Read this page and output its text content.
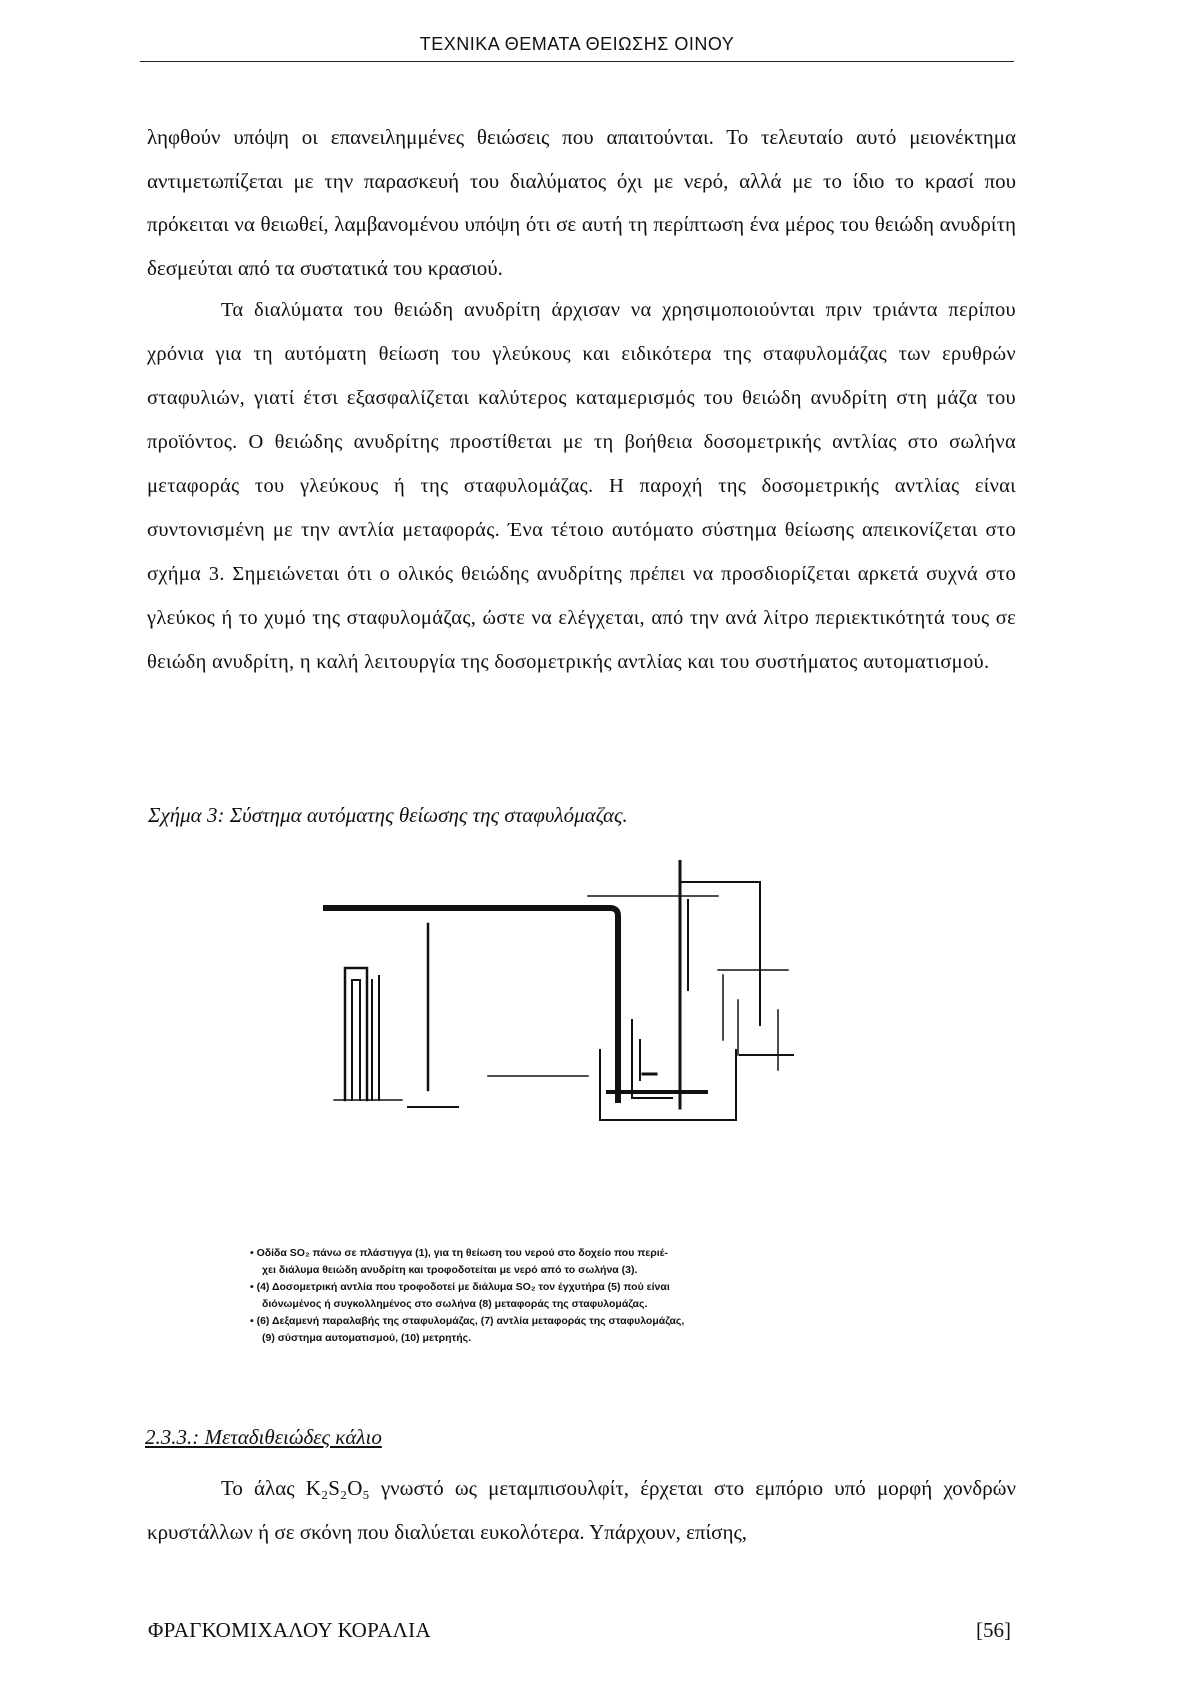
ΤΕΧΝΙΚΑ ΘΕΜΑΤΑ ΘΕΙΩΣΗΣ ΟΙΝΟΥ

ληφθούν υπόψη οι επανειλημμένες θειώσεις που απαιτούνται. Το τελευταίο αυτό μειονέκτημα αντιμετωπίζεται με την παρασκευή του διαλύματος όχι με νερό, αλλά με το ίδιο το κρασί που πρόκειται να θειωθεί, λαμβανομένου υπόψη ότι σε αυτή τη περίπτωση ένα μέρος του θειώδη ανυδρίτη δεσμεύται από τα συστατικά του κρασιού.

Τα διαλύματα του θειώδη ανυδρίτη άρχισαν να χρησιμοποιούνται πριν τριάντα περίπου χρόνια για τη αυτόματη θείωση του γλεύκους και ειδικότερα της σταφυλομάζας των ερυθρών σταφυλιών, γιατί έτσι εξασφαλίζεται καλύτερος καταμερισμός του θειώδη ανυδρίτη στη μάζα του προϊόντος. Ο θειώδης ανυδρίτης προστίθεται με τη βοήθεια δοσομετρικής αντλίας στο σωλήνα μεταφοράς του γλεύκους ή της σταφυλομάζας. Η παροχή της δοσομετρικής αντλίας είναι συντονισμένη με την αντλία μεταφοράς. Ένα τέτοιο αυτόματο σύστημα θείωσης απεικονίζεται στο σχήμα 3. Σημειώνεται ότι ο ολικός θειώδης ανυδρίτης πρέπει να προσδιορίζεται αρκετά συχνά στο γλεύκος ή το χυμό της σταφυλομάζας, ώστε να ελέγχεται, από την ανά λίτρο περιεκτικότητά τους σε θειώδη ανυδρίτη, η καλή λειτουργία της δοσομετρικής αντλίας και του συστήματος αυτοματισμού.

Σχήμα 3: Σύστημα αυτόματης θείωσης της σταφυλόμαζας.

• Οδίδα SO₂ πάνω σε πλάστιγγα (1), για τη θείωση του νερού στο δοχείο που περιέ-
χει διάλυμα θειώδη ανυδρίτη και τροφοδοτείται με νερό από το σωλήνα (3).
• (4) Δοσομετρική αντλία που τροφοδοτεί με διάλυμα SO₂ τον έγχυτήρα (5) πού είναι
διόνωμένος ή συγκολλημένος στο σωλήνα (8) μεταφοράς της σταφυλομάζας.
• (6) Δεξαμενή παραλαβής της σταφυλομάζας, (7) αντλία μεταφοράς της σταφυλομάζας,
(9) σύστημα αυτοματισμού, (10) μετρητής.

2.3.3.: Μεταδιθειώδες κάλιο

Το άλας K₂S₂O₅ γνωστό ως μεταμπισουλφίτ, έρχεται στο εμπόριο υπό μορφή χονδρών κρυστάλλων ή σε σκόνη που διαλύεται ευκολότερα. Υπάρχουν, επίσης,

ΦΡΑΓΚΟΜΙΧΑΛΟΥ ΚΟΡΑΛΙΑ	[56]
